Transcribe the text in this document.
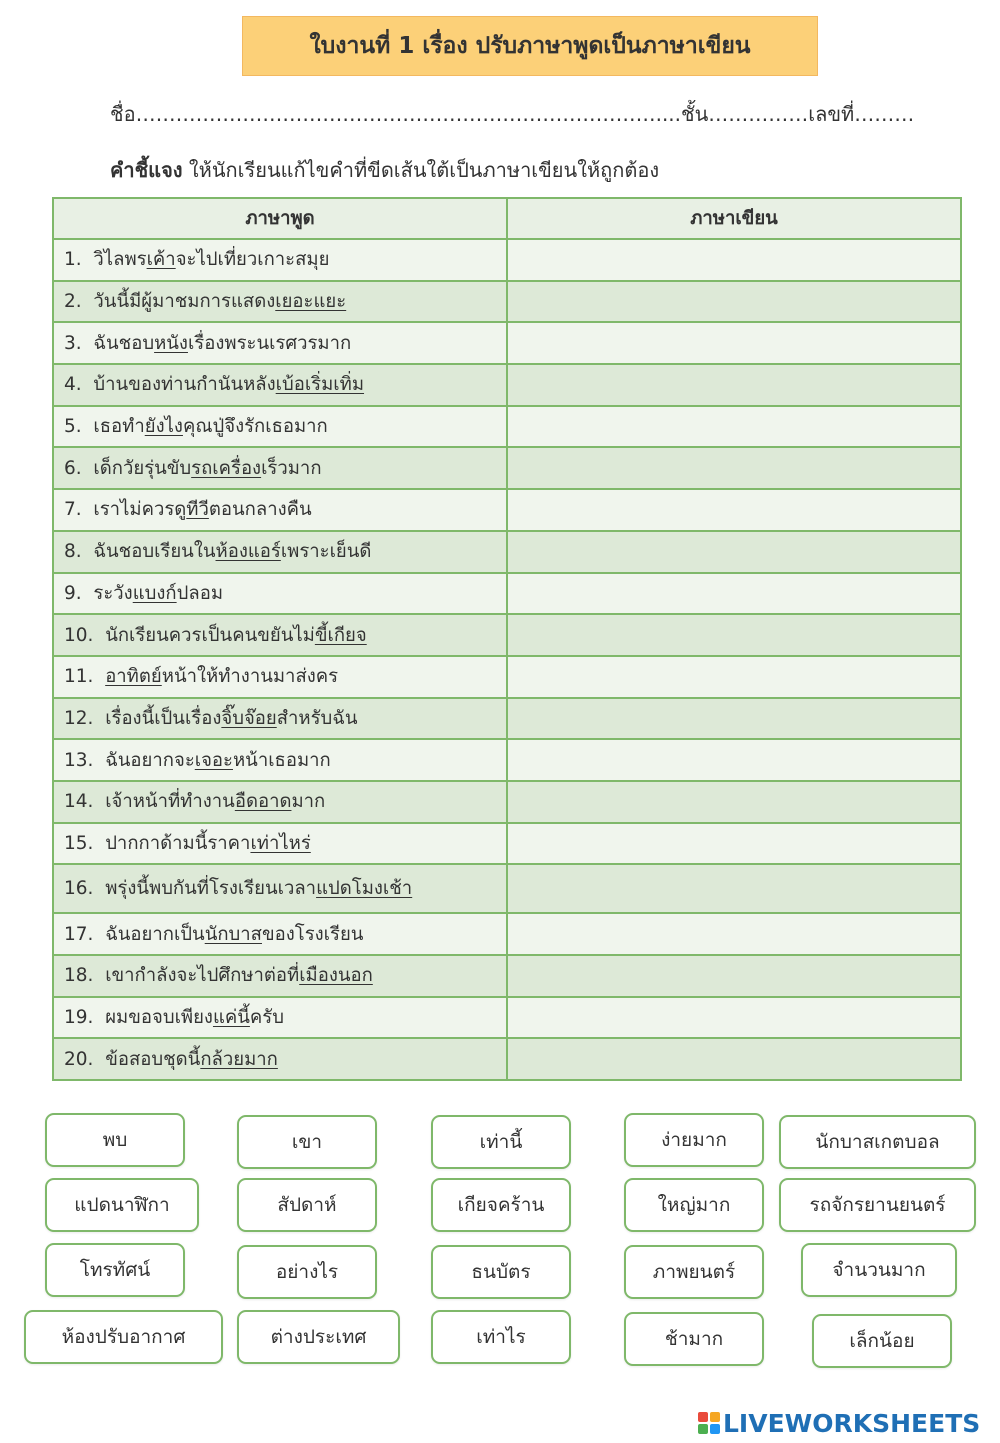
ใบงานที่ 1 เรื่อง ปรับภาษาพูดเป็นภาษาเขียน
ชื่อ……………………………………………………………………....ชั้น……………เลขที่………
คำชี้แจง ให้นักเรียนแก้ไขคำที่ขีดเส้นใต้เป็นภาษาเขียนให้ถูกต้อง
ภาษาพูด	ภาษาเขียน
1. วิไลพรเค้าจะไปเที่ยวเกาะสมุย	
2. วันนี้มีผู้มาชมการแสดงเยอะแยะ	
3. ฉันชอบหนังเรื่องพระนเรศวรมาก	
4. บ้านของท่านกำนันหลังเบ้อเริ่มเทิ่ม	
5. เธอทำยังไงคุณปู่จึงรักเธอมาก	
6. เด็กวัยรุ่นขับรถเครื่องเร็วมาก	
7. เราไม่ควรดูทีวีตอนกลางคืน	
8. ฉันชอบเรียนในห้องแอร์เพราะเย็นดี	
9. ระวังแบงก์ปลอม	
10. นักเรียนควรเป็นคนขยันไม่ขี้เกียจ	
11. อาทิตย์หน้าให้ทำงานมาส่งคร	
12. เรื่องนี้เป็นเรื่องจิ๊บจ๊อยสำหรับฉัน	
13. ฉันอยากจะเจอะหน้าเธอมาก	
14. เจ้าหน้าที่ทำงานอืดอาดมาก	
15. ปากกาด้ามนี้ราคาเท่าไหร่	
16. พรุ่งนี้พบกันที่โรงเรียนเวลาแปดโมงเช้า	
17. ฉันอยากเป็นนักบาสของโรงเรียน	
18. เขากำลังจะไปศึกษาต่อที่เมืองนอก	
19. ผมขอจบเพียงแค่นี้ครับ	
20. ข้อสอบชุดนี้กล้วยมาก	
พบ	เขา	เท่านี้	ง่ายมาก	นักบาสเกตบอล
แปดนาฬิกา	สัปดาห์	เกียจคร้าน	ใหญ่มาก	รถจักรยานยนตร์
โทรทัศน์	อย่างไร	ธนบัตร	ภาพยนตร์	จำนวนมาก
ห้องปรับอากาศ	ต่างประเทศ	เท่าไร	ช้ามาก	เล็กน้อย
LIVEWORKSHEETS
